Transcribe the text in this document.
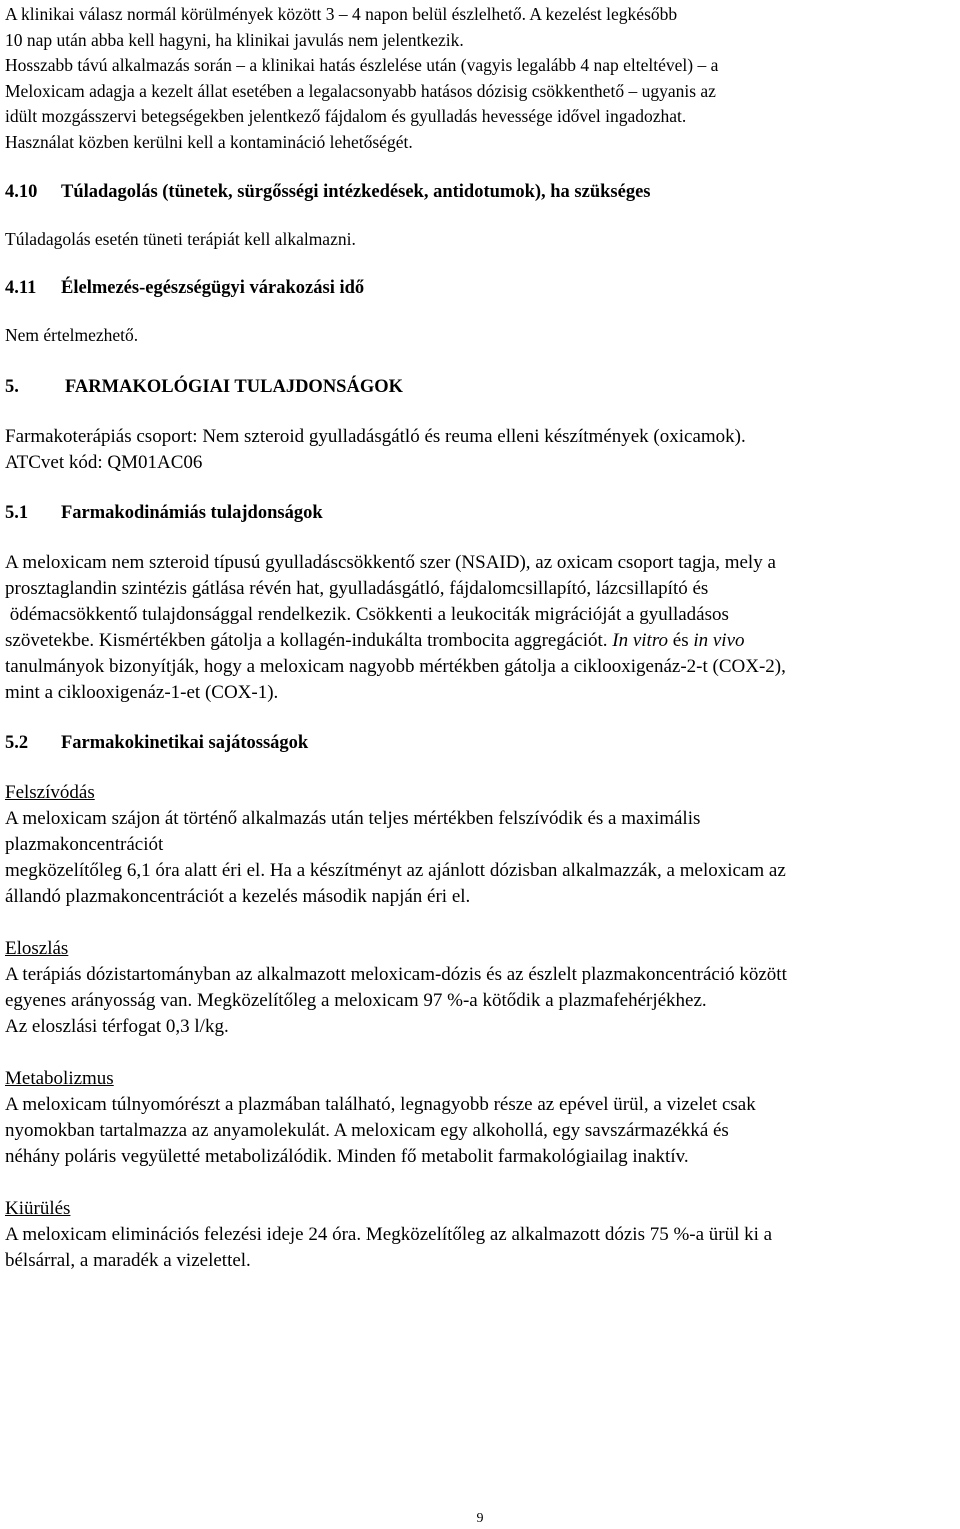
A klinikai válasz normál körülmények között 3 – 4 napon belül észlelhető. A kezelést legkésőbb

10 nap után abba kell hagyni, ha klinikai javulás nem jelentkezik.

Hosszabb távú alkalmazás során – a klinikai hatás észlelése után (vagyis legalább 4 nap elteltével) – a

Meloxicam adagja a kezelt állat esetében a legalacsonyabb hatásos dózisig csökkenthető – ugyanis az

idült mozgásszervi betegségekben jelentkező fájdalom és gyulladás hevessége idővel ingadozhat.

Használat közben kerülni kell a kontamináció lehetőségét.

4.10 Túladagolás (tünetek, sürgősségi intézkedések, antidotumok), ha szükséges

Túladagolás esetén tüneti terápiát kell alkalmazni.

4.11 Élelmezés-egészségügyi várakozási idő

Nem értelmezhető.

5. FARMAKOLÓGIAI TULAJDONSÁGOK

Farmakoterápiás csoport: Nem szteroid gyulladásgátló és reuma elleni készítmények (oxicamok).

ATCvet kód: QM01AC06

5.1 Farmakodinámiás tulajdonságok

A meloxicam nem szteroid típusú gyulladáscsökkentő szer (NSAID), az oxicam csoport tagja, mely a

prosztaglandin szintézis gátlása révén hat, gyulladásgátló, fájdalomcsillapító, lázcsillapító és

ödémacsökkentő tulajdonsággal rendelkezik. Csökkenti a leukociták migrációját a gyulladásos

szövetekbe. Kismértékben gátolja a kollagén-indukálta trombocita aggregációt. In vitro és in vivo

tanulmányok bizonyítják, hogy a meloxicam nagyobb mértékben gátolja a ciklooxigenáz-2-t (COX-2),

mint a ciklooxigenáz-1-et (COX-1).

5.2 Farmakokinetikai sajátosságok

Felszívódás

A meloxicam szájon át történő alkalmazás után teljes mértékben felszívódik és a maximális

plazmakoncentrációt

megközelítőleg 6,1 óra alatt éri el. Ha a készítményt az ajánlott dózisban alkalmazzák, a meloxicam az

állandó plazmakoncentrációt a kezelés második napján éri el.

Eloszlás

A terápiás dózistartományban az alkalmazott meloxicam-dózis és az észlelt plazmakoncentráció között

egyenes arányosság van. Megközelítőleg a meloxicam 97 %-a kötődik a plazmafehérjékhez.

Az eloszlási térfogat 0,3 l/kg.

Metabolizmus

A meloxicam túlnyomórészt a plazmában található, legnagyobb része az epével ürül, a vizelet csak

nyomokban tartalmazza az anyamolekulát. A meloxicam egy alkohollá, egy savszármazékká és

néhány poláris vegyületté metabolizálódik. Minden fő metabolit farmakológiailag inaktív.

Kiürülés

A meloxicam eliminációs felezési ideje 24 óra. Megközelítőleg az alkalmazott dózis 75 %-a ürül ki a

bélsárral, a maradék a vizelettel.

9
